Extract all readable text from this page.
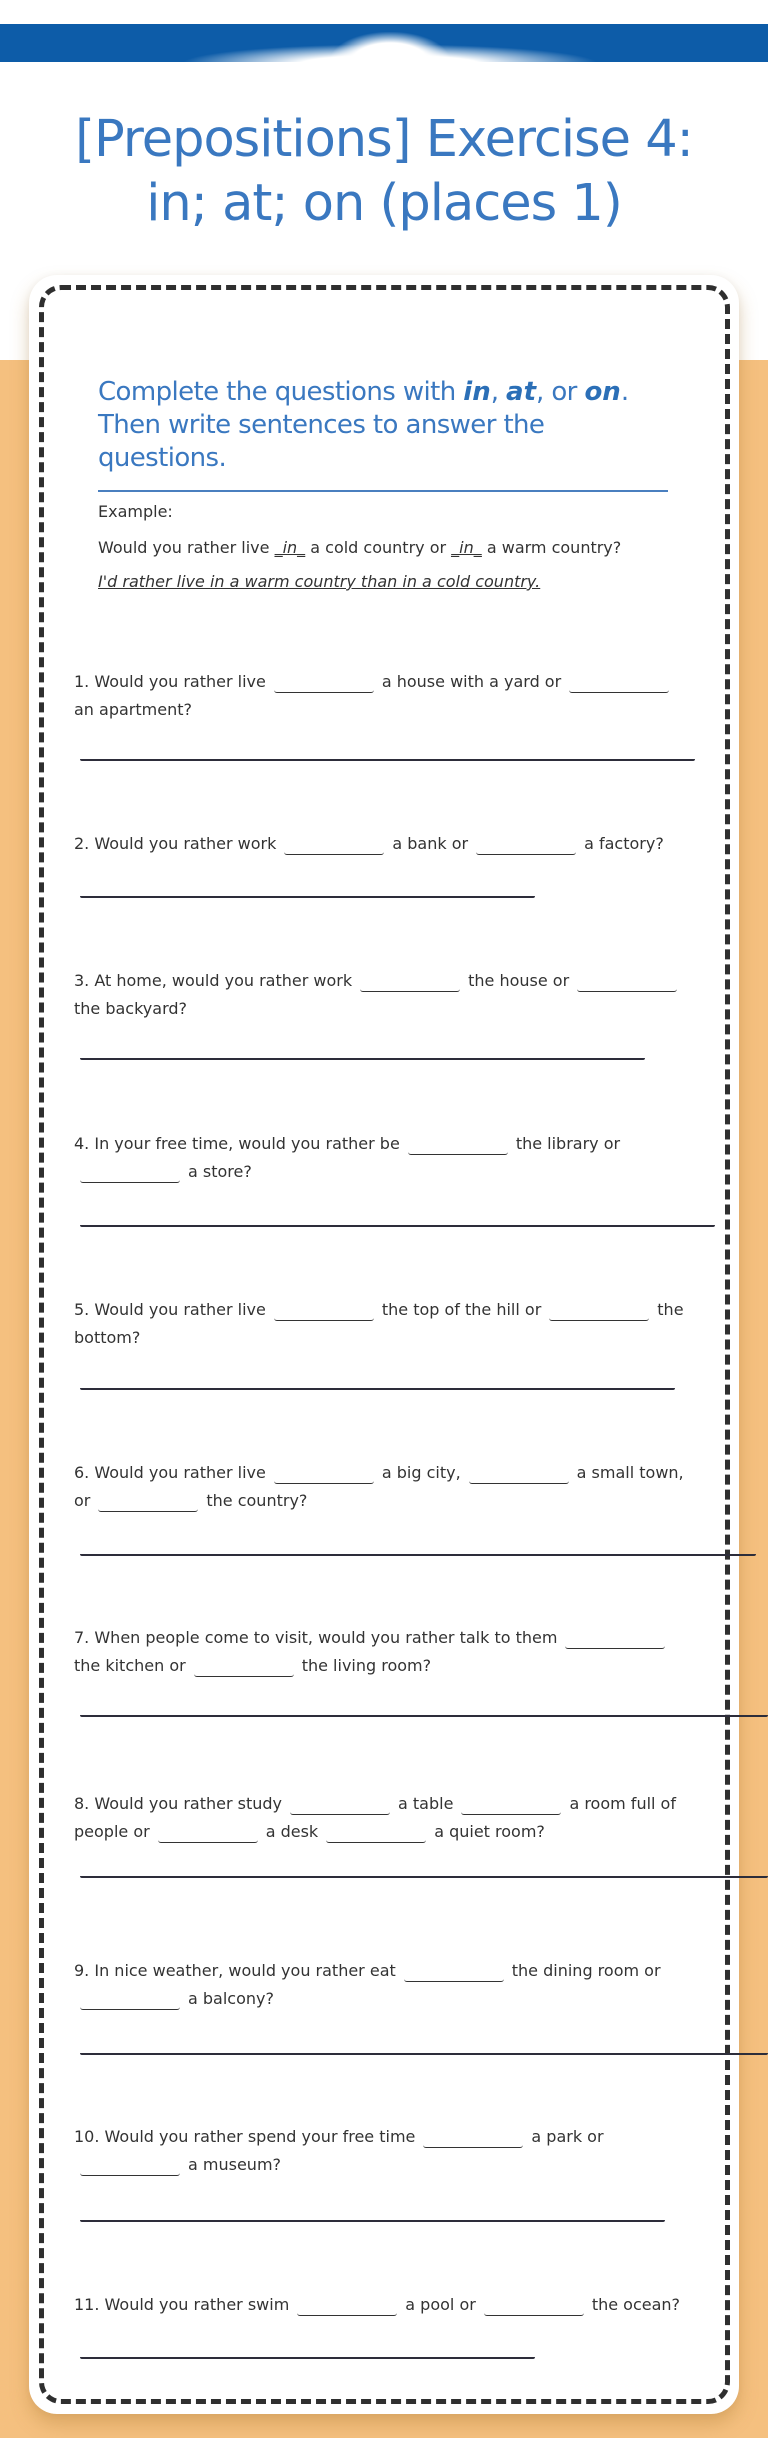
[Prepositions] Exercise 4:
in; at; on (places 1)
Complete the questions with in, at, or on. Then write sentences to answer the questions.
Example:
Would you rather live _in_ a cold country or _in_ a warm country?
I'd rather live in a warm country than in a cold country.
1. Would you rather live	a house with a yard or
an apartment?
2. Would you rather work	a bank or	a factory?
3. At home, would you rather work	the house or
the backyard?
4. In your free time, would you rather be	the library or
a store?
5. Would you rather live	the top of the hill or	the bottom?
6. Would you rather live	a big city,	a small town, or	the country?
7. When people come to visit, would you rather talk to themthe kitchen or	the living room?
8. Would you rather study	a table	a room full of people or	a desk	a quiet room?
9. In nice weather, would you rather eat	the dining room or
a balcony?
10. Would you rather spend your free time	a park or
a museum?
11. Would you rather swim	a pool or	the ocean?
